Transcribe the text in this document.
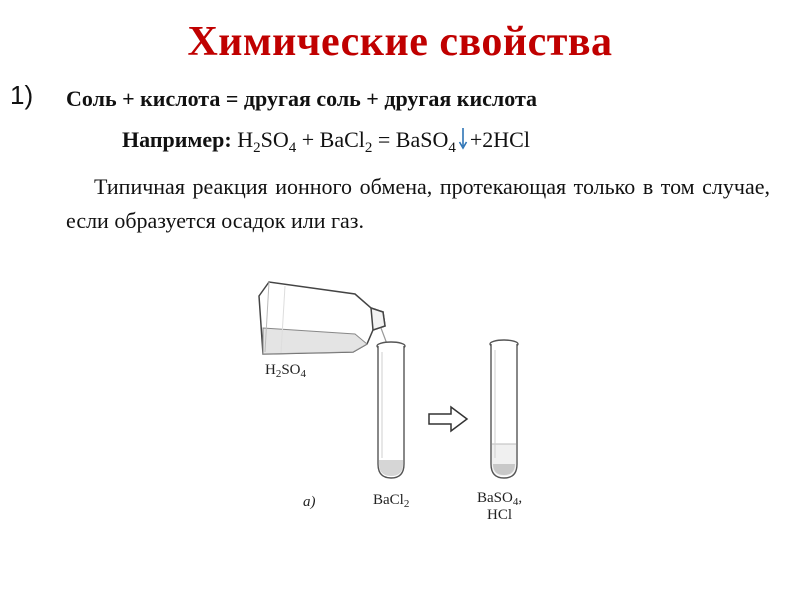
Химические свойства
1) Соль + кислота = другая соль + другая кислота
Например: $H_2SO_4$ + BaCl$_2$ = BaSO$_4$ +2HCl
Типичная реакция ионного обмена, протекающая только в том случае, если образуется осадок или газ.
$H_2SO_4$
а)	BaCl$_2$	BaSO$_4$,
HCl
